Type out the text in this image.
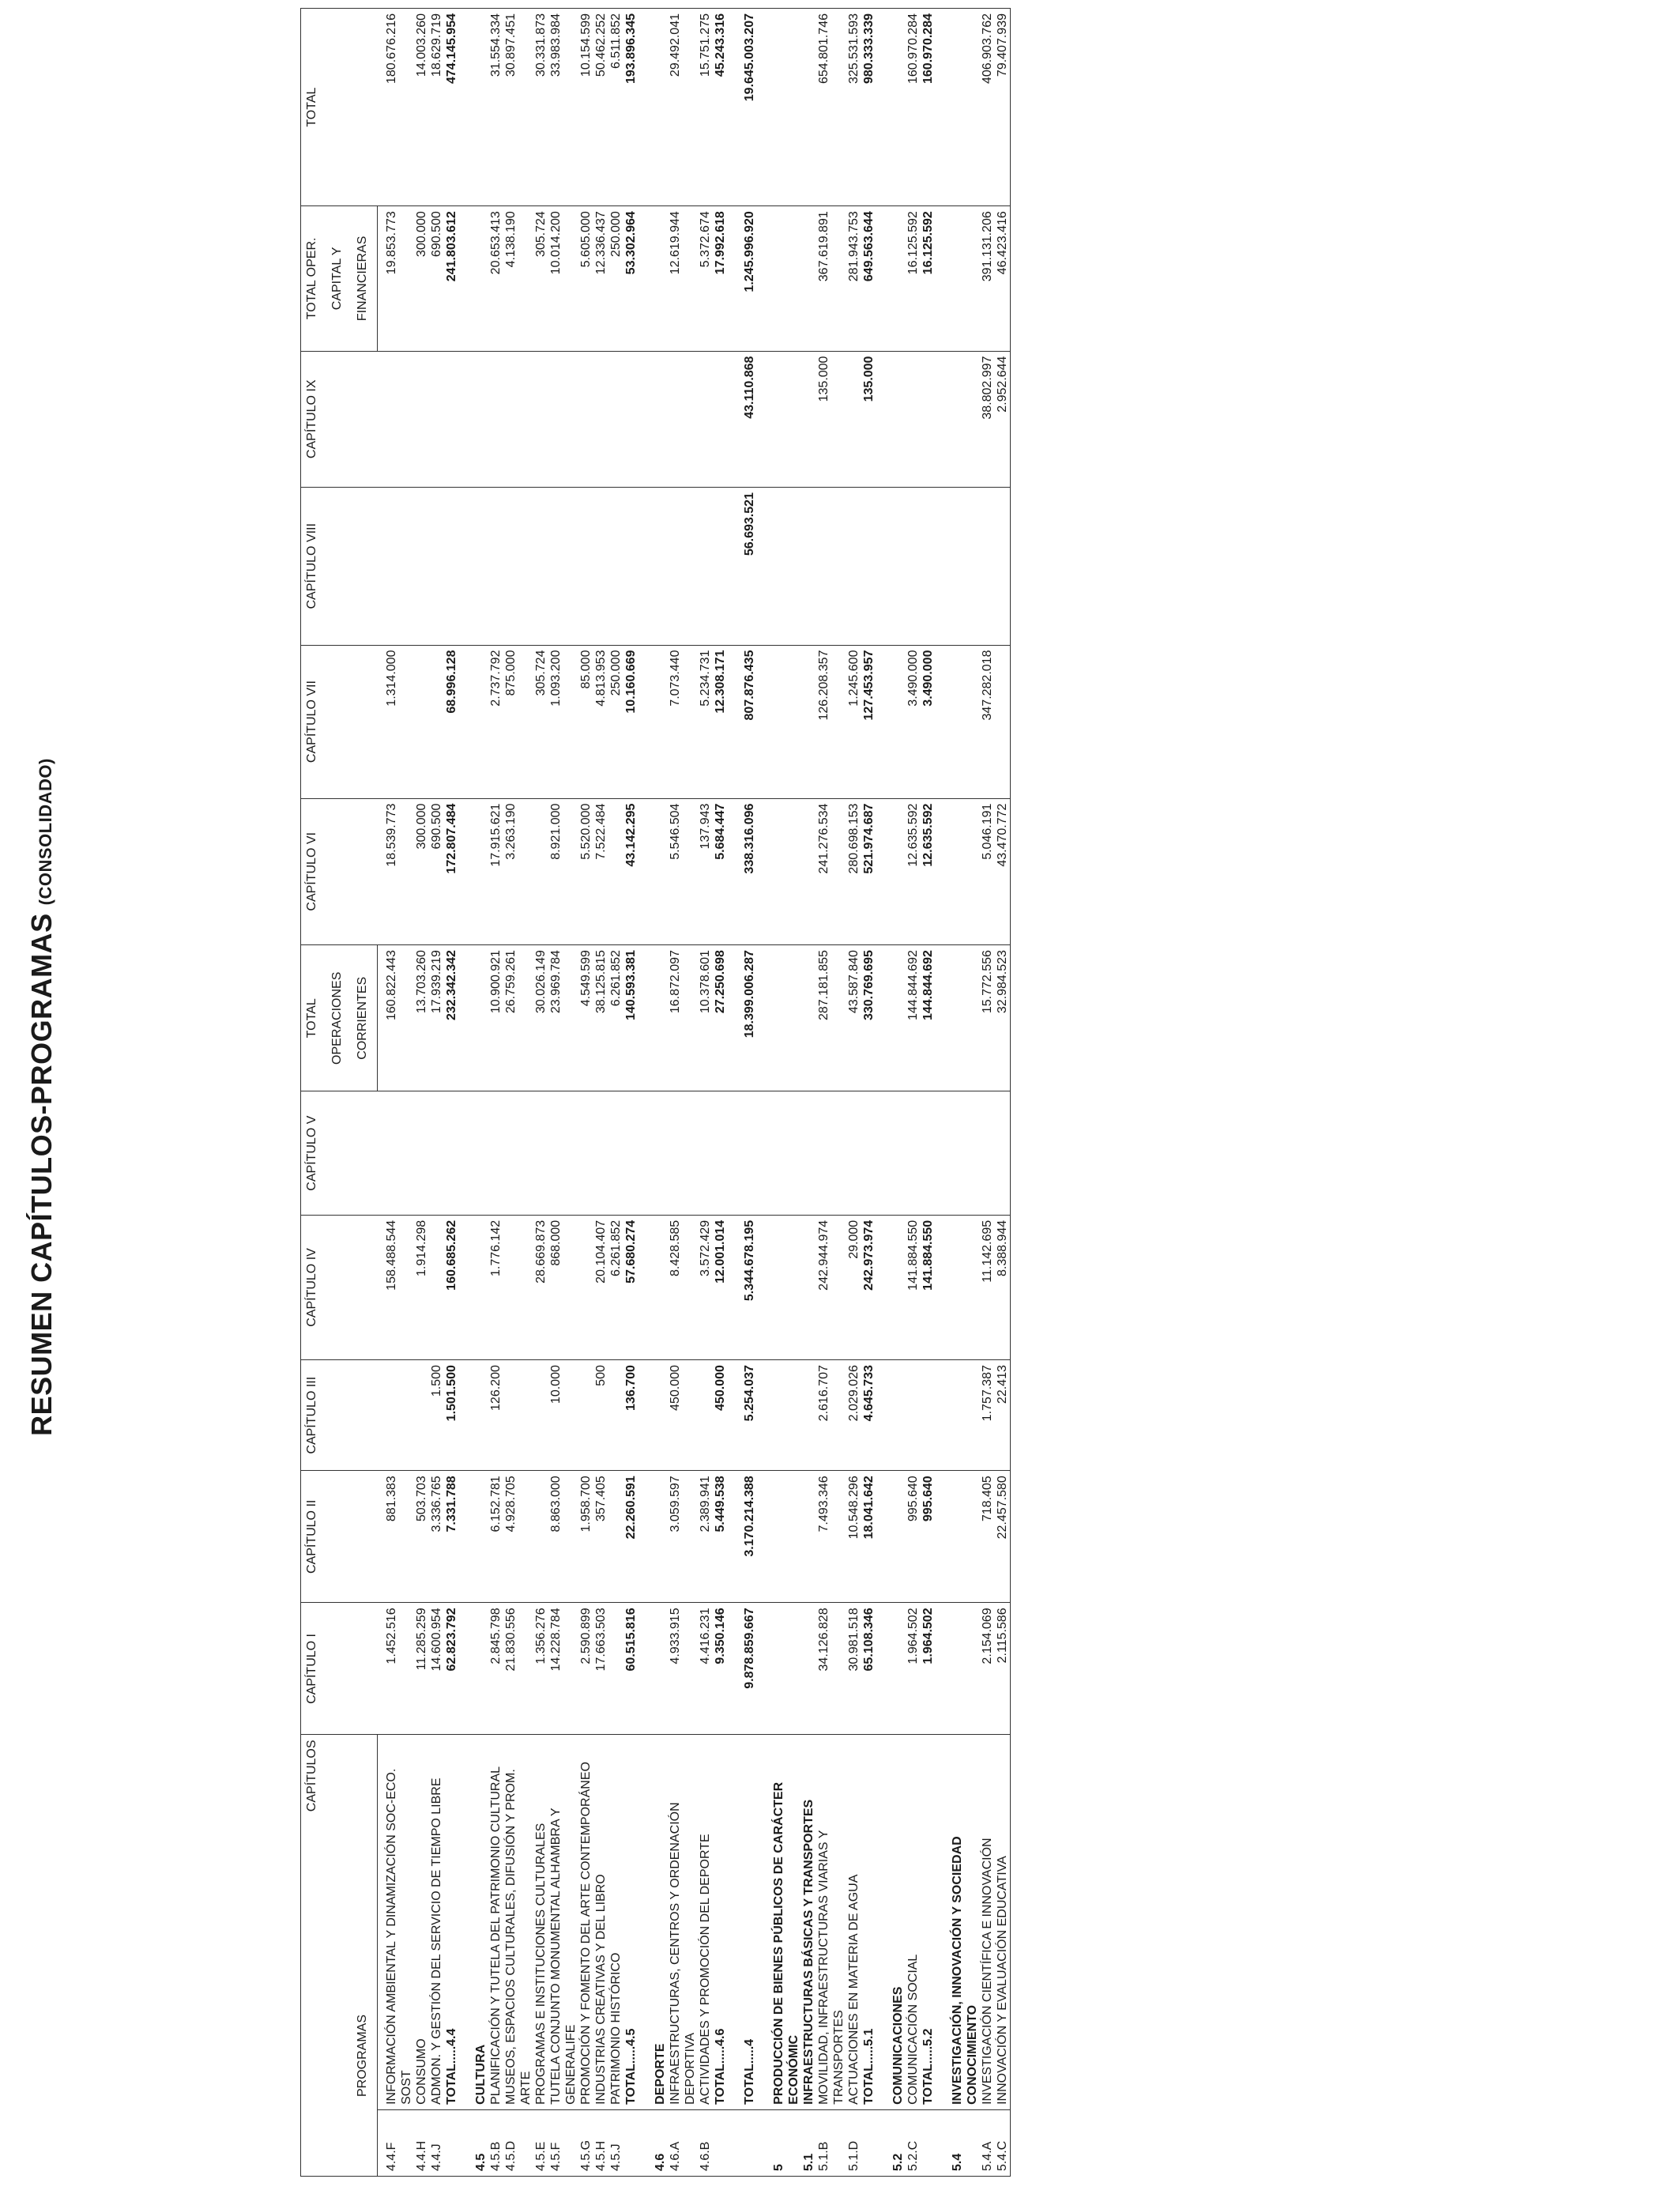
RESUMEN CAPÍTULOS-PROGRAMAS(CONSOLIDADO)
CAPÍTULOS		CAPÍTULO I	CAPÍTULO II	CAPÍTULO III	CAPÍTULO IV	CAPÍTULO V	TOTAL	CAPÍTULO VI	CAPÍTULO VII	CAPÍTULO VIII	CAPÍTULO IX	TOTAL OPER.	TOTAL
							OPERACIONES					CAPITAL Y	
PROGRAMAS							CORRIENTES					FINANCIERAS	
4.4.F	INFORMACIÓN AMBIENTAL Y DINAMIZACIÓN SOC-ECO. SOST	1.452.516	881.383		158.488.544		160.822.443	18.539.773	1.314.000			19.853.773	180.676.216
4.4.H	CONSUMO	11.285.259	503.703		1.914.298		13.703.260	300.000				300.000	14.003.260
4.4.J	ADMON. Y GESTIÓN DEL SERVICIO DE TIEMPO LIBRE	14.600.954	3.336.765	1.500			17.939.219	690.500				690.500	18.629.719
	TOTAL.....4.4	62.823.792	7.331.788	1.501.500	160.685.262		232.342.342	172.807.484	68.996.128			241.803.612	474.145.954

4.5	CULTURA												
4.5.B	PLANIFICACIÓN Y TUTELA DEL PATRIMONIO CULTURAL	2.845.798	6.152.781	126.200	1.776.142		10.900.921	17.915.621	2.737.792			20.653.413	31.554.334
4.5.D	MUSEOS, ESPACIOS CULTURALES, DIFUSIÓN Y PROM. ARTE	21.830.556	4.928.705				26.759.261	3.263.190	875.000			4.138.190	30.897.451
4.5.E	PROGRAMAS E INSTITUCIONES CULTURALES	1.356.276			28.669.873		30.026.149		305.724			305.724	30.331.873
4.5.F	TUTELA CONJUNTO MONUMENTAL ALHAMBRA Y GENERALIFE	14.228.784	8.863.000	10.000	868.000		23.969.784	8.921.000	1.093.200			10.014.200	33.983.984
4.5.G	PROMOCIÓN Y FOMENTO DEL ARTE CONTEMPORÁNEO	2.590.899	1.958.700				4.549.599	5.520.000	85.000			5.605.000	10.154.599
4.5.H	INDUSTRIAS CREATIVAS Y DEL LIBRO	17.663.503	357.405	500	20.104.407		38.125.815	7.522.484	4.813.953			12.336.437	50.462.252
4.5.J	PATRIMONIO HISTÓRICO				6.261.852		6.261.852		250.000			250.000	6.511.852
	TOTAL.....4.5	60.515.816	22.260.591	136.700	57.680.274		140.593.381	43.142.295	10.160.669			53.302.964	193.896.345

4.6	DEPORTE												
4.6.A	INFRAESTRUCTURAS, CENTROS Y ORDENACIÓN DEPORTIVA	4.933.915	3.059.597	450.000	8.428.585		16.872.097	5.546.504	7.073.440			12.619.944	29.492.041
4.6.B	ACTIVIDADES Y PROMOCIÓN DEL DEPORTE	4.416.231	2.389.941		3.572.429		10.378.601	137.943	5.234.731			5.372.674	15.751.275
	TOTAL.....4.6	9.350.146	5.449.538	450.000	12.001.014		27.250.698	5.684.447	12.308.171			17.992.618	45.243.316

	TOTAL.....4	9.878.859.667	3.170.214.388	5.254.037	5.344.678.195		18.399.006.287	338.316.096	807.876.435	56.693.521	43.110.868	1.245.996.920	19.645.003.207

5	PRODUCCIÓN DE BIENES PÚBLICOS DE CARÁCTER ECONÓMIC												
5.1	INFRAESTRUCTURAS BÁSICAS Y TRANSPORTES												
5.1.B	MOVILIDAD, INFRAESTRUCTURAS VIARIAS Y TRANSPORTES	34.126.828	7.493.346	2.616.707	242.944.974		287.181.855	241.276.534	126.208.357		135.000	367.619.891	654.801.746
5.1.D	ACTUACIONES EN MATERIA DE AGUA	30.981.518	10.548.296	2.029.026	29.000		43.587.840	280.698.153	1.245.600			281.943.753	325.531.593
	TOTAL.....5.1	65.108.346	18.041.642	4.645.733	242.973.974		330.769.695	521.974.687	127.453.957		135.000	649.563.644	980.333.339

5.2	COMUNICACIONES												
5.2.C	COMUNICACIÓN SOCIAL	1.964.502	995.640		141.884.550		144.844.692	12.635.592	3.490.000			16.125.592	160.970.284
	TOTAL.....5.2	1.964.502	995.640		141.884.550		144.844.692	12.635.592	3.490.000			16.125.592	160.970.284

5.4	INVESTIGACIÓN, INNOVACIÓN Y SOCIEDAD CONOCIMIENTO												
5.4.A	INVESTIGACIÓN CIENTÍFICA E INNOVACIÓN	2.154.069	718.405	1.757.387	11.142.695		15.772.556	5.046.191	347.282.018		38.802.997	391.131.206	406.903.762
5.4.C	INNOVACIÓN Y EVALUACIÓN EDUCATIVA	2.115.586	22.457.580	22.413	8.388.944		32.984.523	43.470.772			2.952.644	46.423.416	79.407.939
